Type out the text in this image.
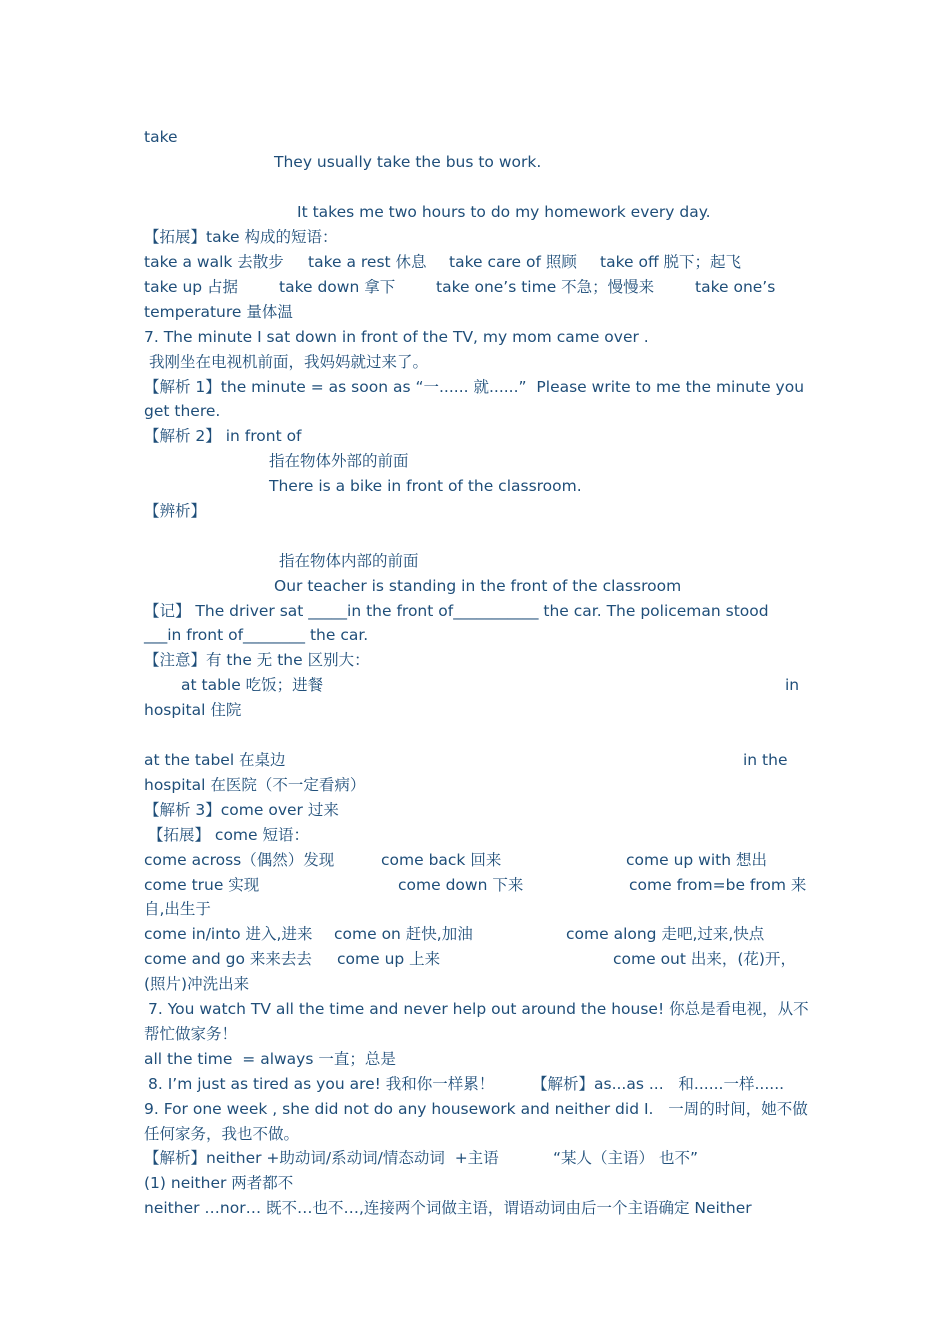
take
They usually take the bus to work.
It takes me two hours to do my homework every day.
【拓展】take 构成的短语：
take a walk 去散步 take a rest 休息 take care of 照顾 take off 脱下；起飞
take up 占据	take down 拿下	take one’s time 不急；慢慢来	take one’s
temperature 量体温
7. The minute I sat down in front of the TV, my mom came over .
我刚坐在电视机前面，我妈妈就过来了。
【解析 1】the minute = as soon as “一...... 就......”  Please write to me the minute you
get there.
【解析 2】 in front of
指在物体外部的前面
There is a bike in front of the classroom.
【辨析】
指在物体内部的前面
Our teacher is standing in the front of the classroom
【记】 The driver sat _____in the front of___________ the car. The policeman stood
___in front of________ the car.
【注意】有 the 无 the 区别大：
at table 吃饭；进餐	in
hospital 住院
at the tabel 在桌边	in the
hospital 在医院（不一定看病）
【解析 3】come over 过来
【拓展】 come 短语：
come across（偶然）发现	come back 回来	come up with 想出
come true 实现	come down 下来	come from=be from 来
自,出生于
come in/into 进入,进来 come on 赶快,加油	come along 走吧,过来,快点
come and go 来来去去 come up 上来	come out 出来，(花)开，
(照片)冲洗出来
7. You watch TV all the time and never help out around the house! 你总是看电视，从不
帮忙做家务！
all the time  = always 一直；总是
8. I’m just as tired as you are! 我和你一样累！ 【解析】as...as ...   和......一样......
9. For one week , she did not do any housework and neither did I.   一周的时间，她不做
任何家务，我也不做。
【解析】neither +助动词/系动词/情态动词  +主语	“某人（主语） 也不”
(1) neither 两者都不
neither …nor… 既不…也不…,连接两个词做主语，谓语动词由后一个主语确定 Neither
